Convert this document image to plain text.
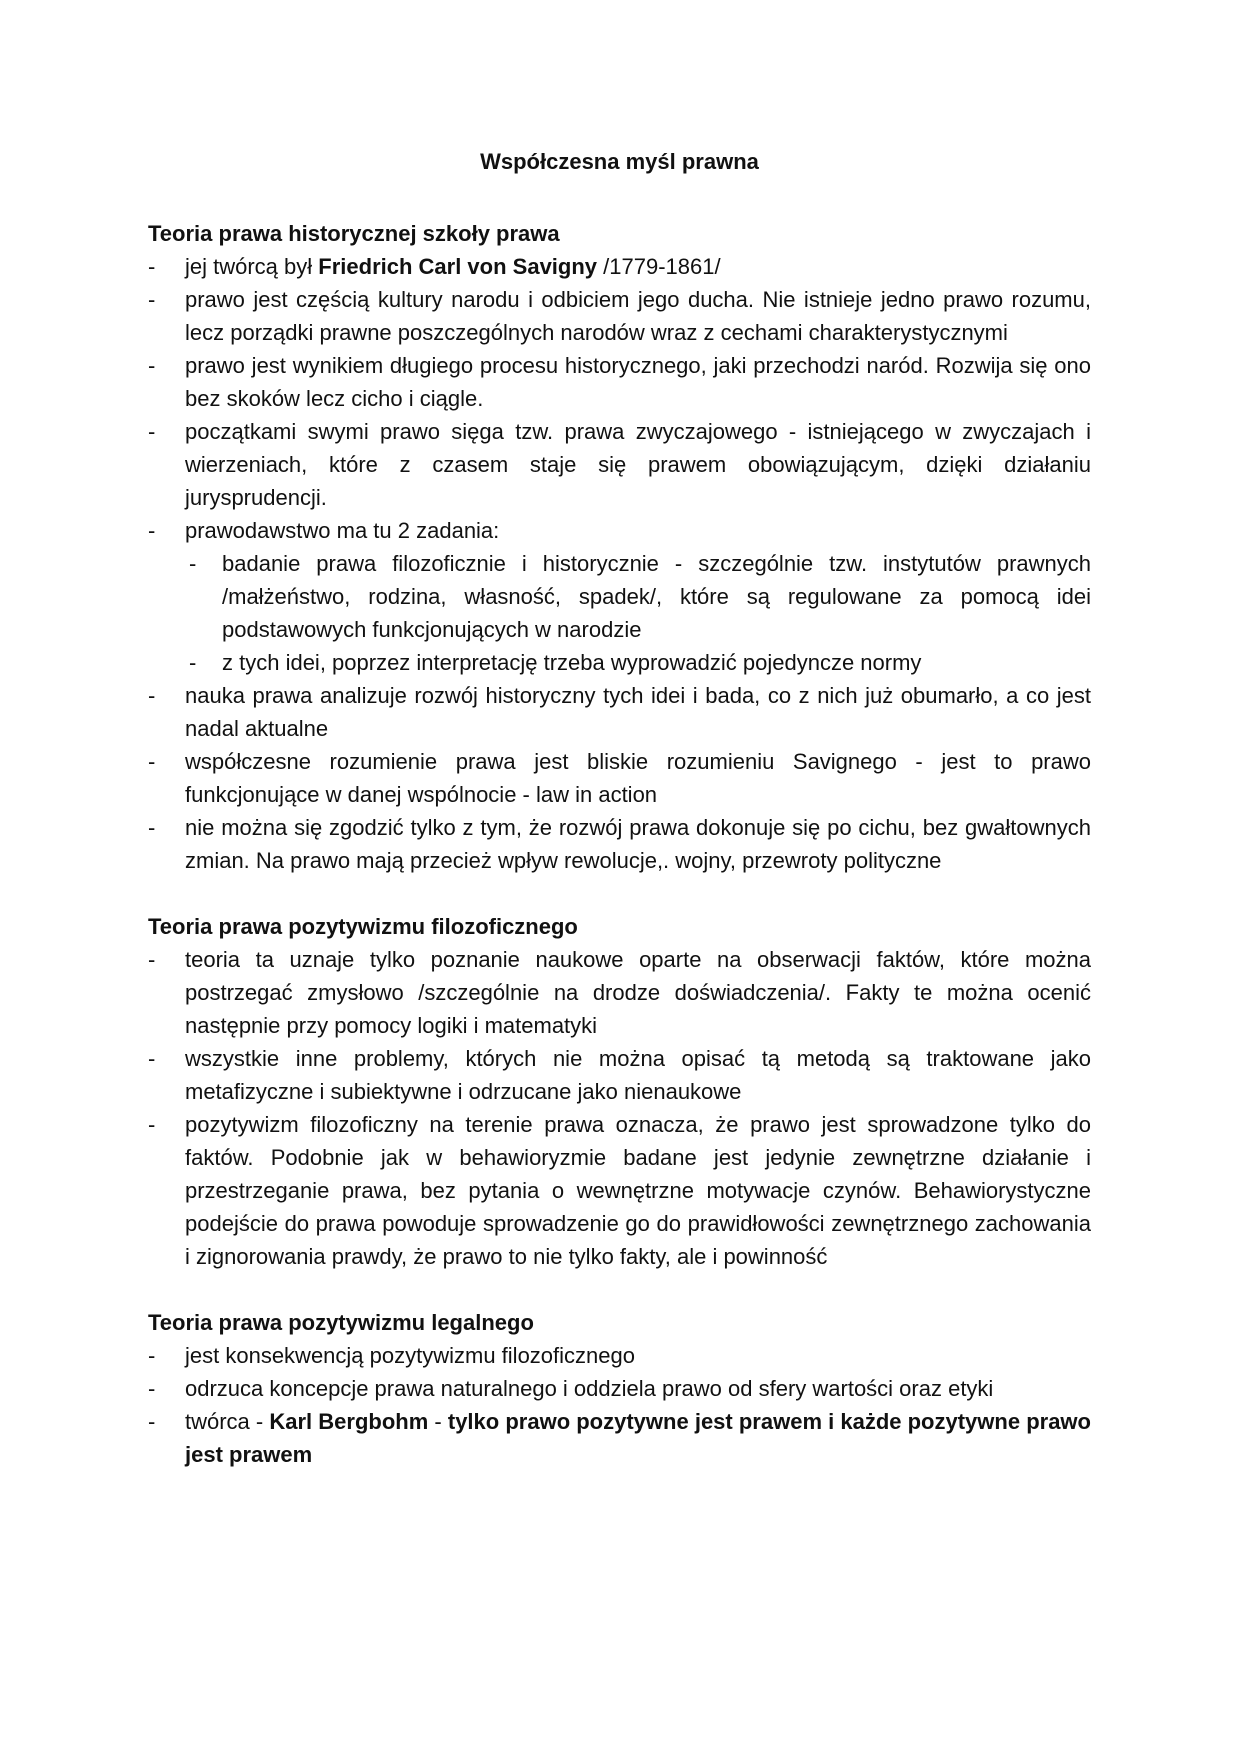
Współczesna myśl prawna
Teoria prawa historycznej szkoły prawa
- jej twórcą był Friedrich Carl von Savigny /1779-1861/
- prawo jest częścią kultury narodu i odbiciem jego ducha. Nie istnieje jedno prawo rozumu, lecz porządki prawne poszczególnych narodów wraz z cechami charakterystycznymi
- prawo jest wynikiem długiego procesu historycznego, jaki przechodzi naród. Rozwija się ono bez skoków lecz cicho i ciągle.
- początkami swymi prawo sięga tzw. prawa zwyczajowego - istniejącego w zwyczajach i wierzeniach, które z czasem staje się prawem obowiązującym, dzięki działaniu jurysprudencji.
- prawodawstwo ma tu 2 zadania:
- badanie prawa filozoficznie i historycznie - szczególnie tzw. instytutów prawnych /małżeństwo, rodzina, własność, spadek/, które są regulowane za pomocą idei podstawowych funkcjonujących w narodzie
- z tych idei, poprzez interpretację trzeba wyprowadzić pojedyncze normy
- nauka prawa analizuje rozwój historyczny tych idei i bada, co z nich już obumarło, a co jest nadal aktualne
- współczesne rozumienie prawa jest bliskie rozumieniu Savignego - jest to prawo funkcjonujące w danej wspólnocie - law in action
- nie można się zgodzić tylko z tym, że rozwój prawa dokonuje się po cichu, bez gwałtownych zmian. Na prawo mają przecież wpływ rewolucje,. wojny, przewroty polityczne
Teoria prawa pozytywizmu filozoficznego
- teoria ta uznaje tylko poznanie naukowe oparte na obserwacji faktów, które można postrzegać zmysłowo /szczególnie na drodze doświadczenia/. Fakty te można ocenić następnie przy pomocy logiki i matematyki
- wszystkie inne problemy, których nie można opisać tą metodą są traktowane jako metafizyczne i subiektywne i odrzucane jako nienaukowe
- pozytywizm filozoficzny na terenie prawa oznacza, że prawo jest sprowadzone tylko do faktów. Podobnie jak w behawioryzmie badane jest jedynie zewnętrzne działanie i przestrzeganie prawa, bez pytania o wewnętrzne motywacje czynów. Behawiorystyczne podejście do prawa powoduje sprowadzenie go do prawidłowości zewnętrznego zachowania i zignorowania prawdy, że prawo to nie tylko fakty, ale i powinność
Teoria prawa pozytywizmu legalnego
- jest konsekwencją pozytywizmu filozoficznego
- odrzuca koncepcje prawa naturalnego i oddziela prawo od sfery wartości oraz etyki
- twórca - Karl Bergbohm - tylko prawo pozytywne jest prawem i każde pozytywne prawo jest prawem
